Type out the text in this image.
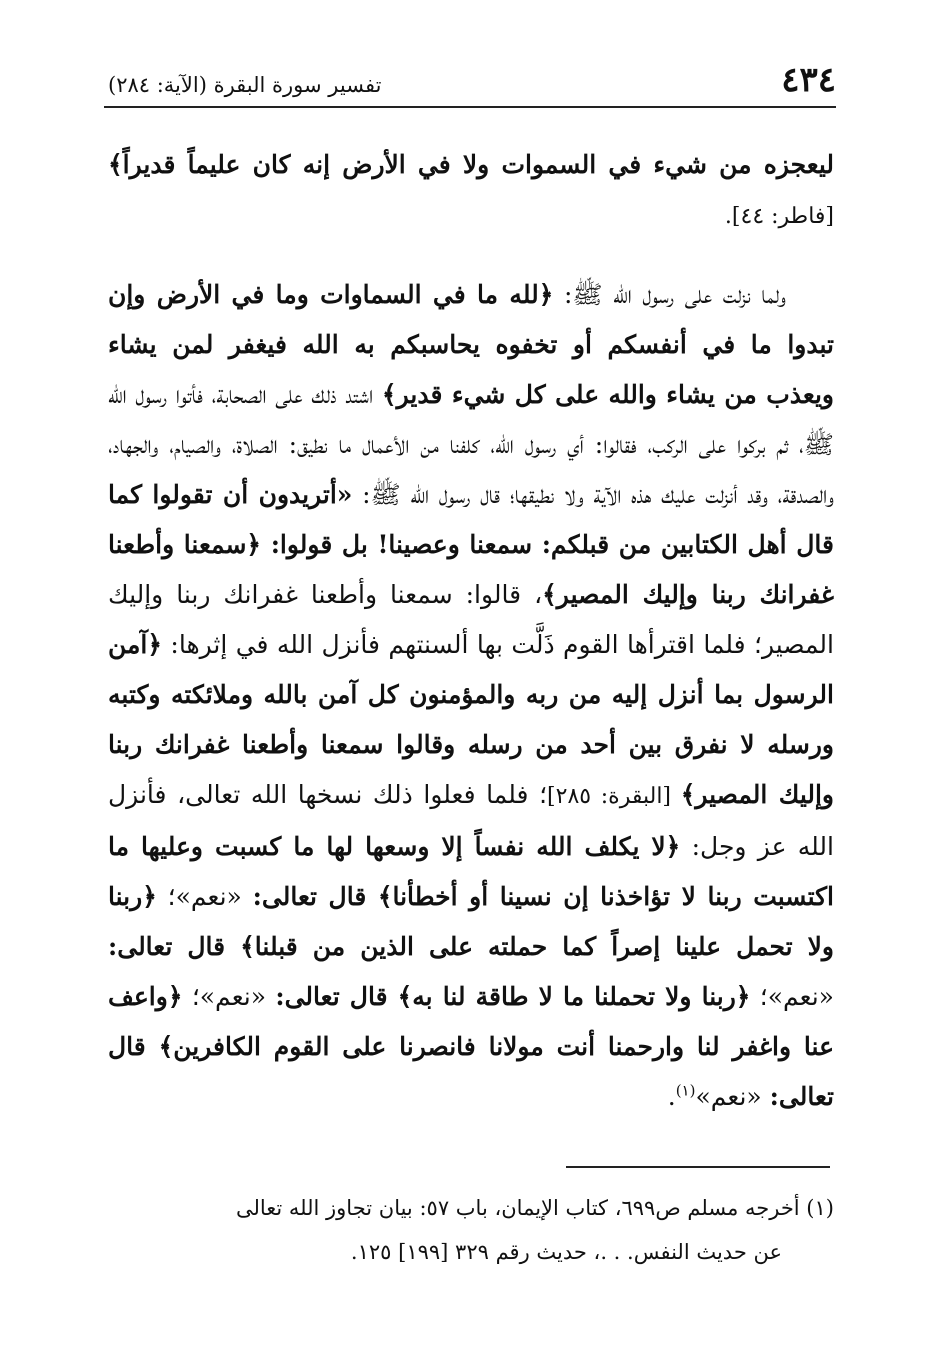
٤٣٤
تفسير سورة البقرة (الآية: ٢٨٤)

ليعجزه من شيء في السموات ولا في الأرض إنه كان عليماً قديراً﴾ [فاطر: ٤٤].

ولما نزلت على رسول الله ﷺ: ﴿لله ما في السماوات وما في الأرض وإن تبدوا ما في أنفسكم أو تخفوه يحاسبكم به الله فيغفر لمن يشاء ويعذب من يشاء والله على كل شيء قدير﴾ اشتد ذلك على الصحابة، فأتوا رسول الله ﷺ، ثم بركوا على الركب، فقالوا: أي رسول الله، كلفنا من الأعمال ما نطيق: الصلاة، والصيام، والجهاد، والصدقة، وقد أنزلت عليك هذه الآية ولا نطيقها؛ قال رسول الله ﷺ: «أتريدون أن تقولوا كما قال أهل الكتابين من قبلكم: سمعنا وعصينا! بل قولوا: ﴿سمعنا وأطعنا غفرانك ربنا وإليك المصير﴾، قالوا: سمعنا وأطعنا غفرانك ربنا وإليك المصير؛ فلما اقترأها القوم ذَلَّت بها ألسنتهم فأنزل الله في إثرها: ﴿آمن الرسول بما أنزل إليه من ربه والمؤمنون كل آمن بالله وملائكته وكتبه ورسله لا نفرق بين أحد من رسله وقالوا سمعنا وأطعنا غفرانك ربنا وإليك المصير﴾ [البقرة: ٢٨٥]؛ فلما فعلوا ذلك نسخها الله تعالى، فأنزل الله عز وجل: ﴿لا يكلف الله نفساً إلا وسعها لها ما كسبت وعليها ما اكتسبت ربنا لا تؤاخذنا إن نسينا أو أخطأنا﴾ قال تعالى: «نعم»؛ ﴿ربنا ولا تحمل علينا إصراً كما حملته على الذين من قبلنا﴾ قال تعالى: «نعم»؛ ﴿ربنا ولا تحملنا ما لا طاقة لنا به﴾ قال تعالى: «نعم»؛ ﴿واعف عنا واغفر لنا وارحمنا أنت مولانا فانصرنا على القوم الكافرين﴾ قال تعالى: «نعم»$^{(١)}$.

(١) أخرجه مسلم ص٦٩٩، كتاب الإيمان، باب ٥٧: بيان تجاوز الله تعالى
عن حديث النفس. . .، حديث رقم ٣٢٩ [١٩٩] ١٢٥.
